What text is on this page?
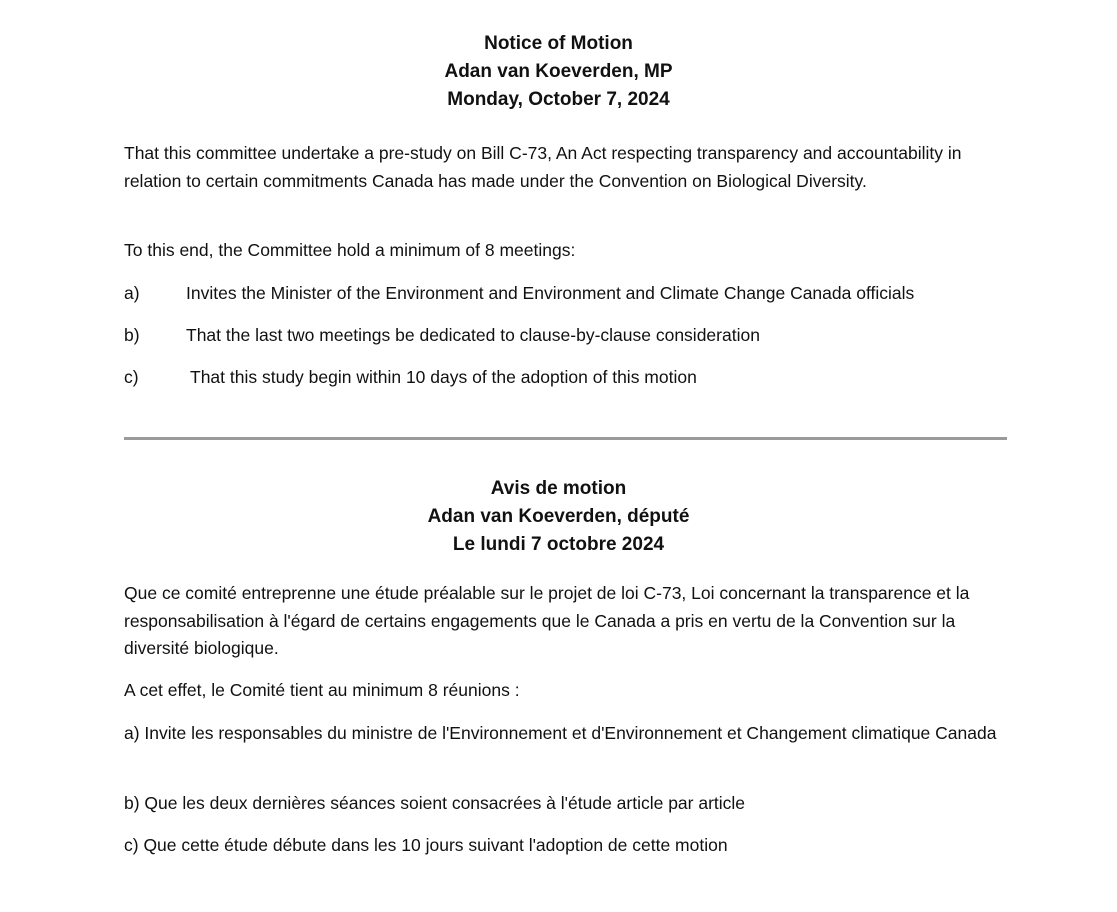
Notice of Motion
Adan van Koeverden, MP
Monday, October 7, 2024
That this committee undertake a pre-study on Bill C-73, An Act respecting transparency and accountability in relation to certain commitments Canada has made under the Convention on Biological Diversity.
To this end, the Committee hold a minimum of 8 meetings:
a)	Invites the Minister of the Environment and Environment and Climate Change Canada officials
b)	That the last two meetings be dedicated to clause-by-clause consideration
c)	That this study begin within 10 days of the adoption of this motion
Avis de motion
Adan van Koeverden, député
Le lundi 7 octobre 2024
Que ce comité entreprenne une étude préalable sur le projet de loi C-73, Loi concernant la transparence et la responsabilisation à l'égard de certains engagements que le Canada a pris en vertu de la Convention sur la diversité biologique.
A cet effet, le Comité tient au minimum 8 réunions :
a) Invite les responsables du ministre de l'Environnement et d'Environnement et Changement climatique Canada
b) Que les deux dernières séances soient consacrées à l'étude article par article
c) Que cette étude débute dans les 10 jours suivant l'adoption de cette motion
